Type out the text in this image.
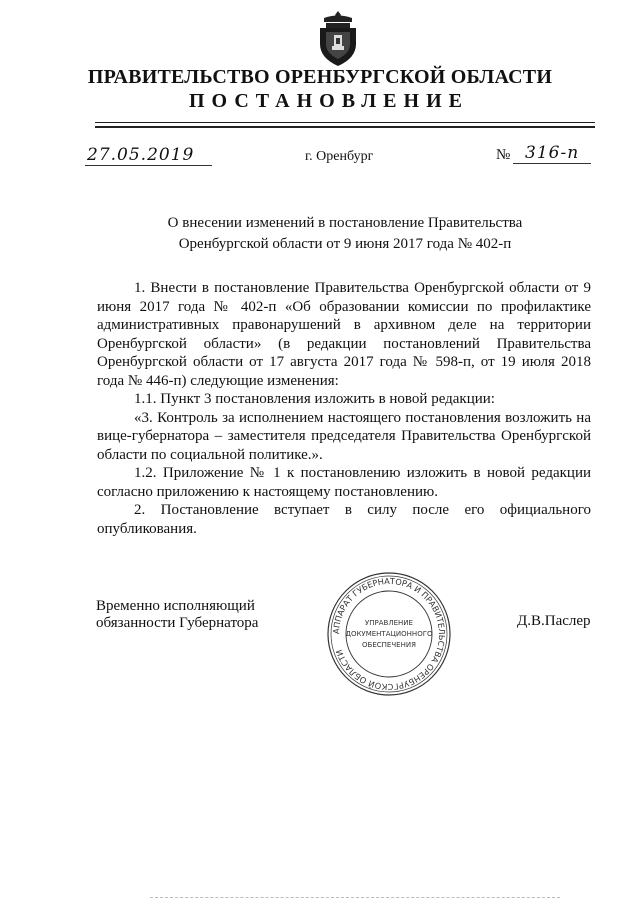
ПРАВИТЕЛЬСТВО ОРЕНБУРГСКОЙ ОБЛАСТИ
ПОСТАНОВЛЕНИЕ
27.05.2019	г. Оренбург	№ 316-п
О внесении изменений в постановление Правительства
Оренбургской области от 9 июня 2017 года № 402-п

1. Внести в постановление Правительства Оренбургской области от 9 июня 2017 года № 402-п «Об образовании комиссии по профилактике административных правонарушений в архивном деле на территории Оренбургской области» (в редакции постановлений Правительства Оренбургской области от 17 августа 2017 года № 598-п, от 19 июля 2018 года № 446-п) следующие изменения:

1.1. Пункт 3 постановления изложить в новой редакции:

«3. Контроль за исполнением настоящего постановления возложить на вице-губернатора – заместителя председателя Правительства Оренбургской области по социальной политике.».

1.2. Приложение № 1 к постановлению изложить в новой редакции согласно приложению к настоящему постановлению.

2. Постановление вступает в силу после его официального опубликования.

Временно исполняющий
обязанности Губернатора	Д.В.Паслер
АППАРАТ ГУБЕРНАТОРА И ПРАВИТЕЛЬСТВА ОРЕНБУРГСКОЙ ОБЛАСТИ
УПРАВЛЕНИЕ
ДОКУМЕНТАЦИОННОГО
ОБЕСПЕЧЕНИЯ
